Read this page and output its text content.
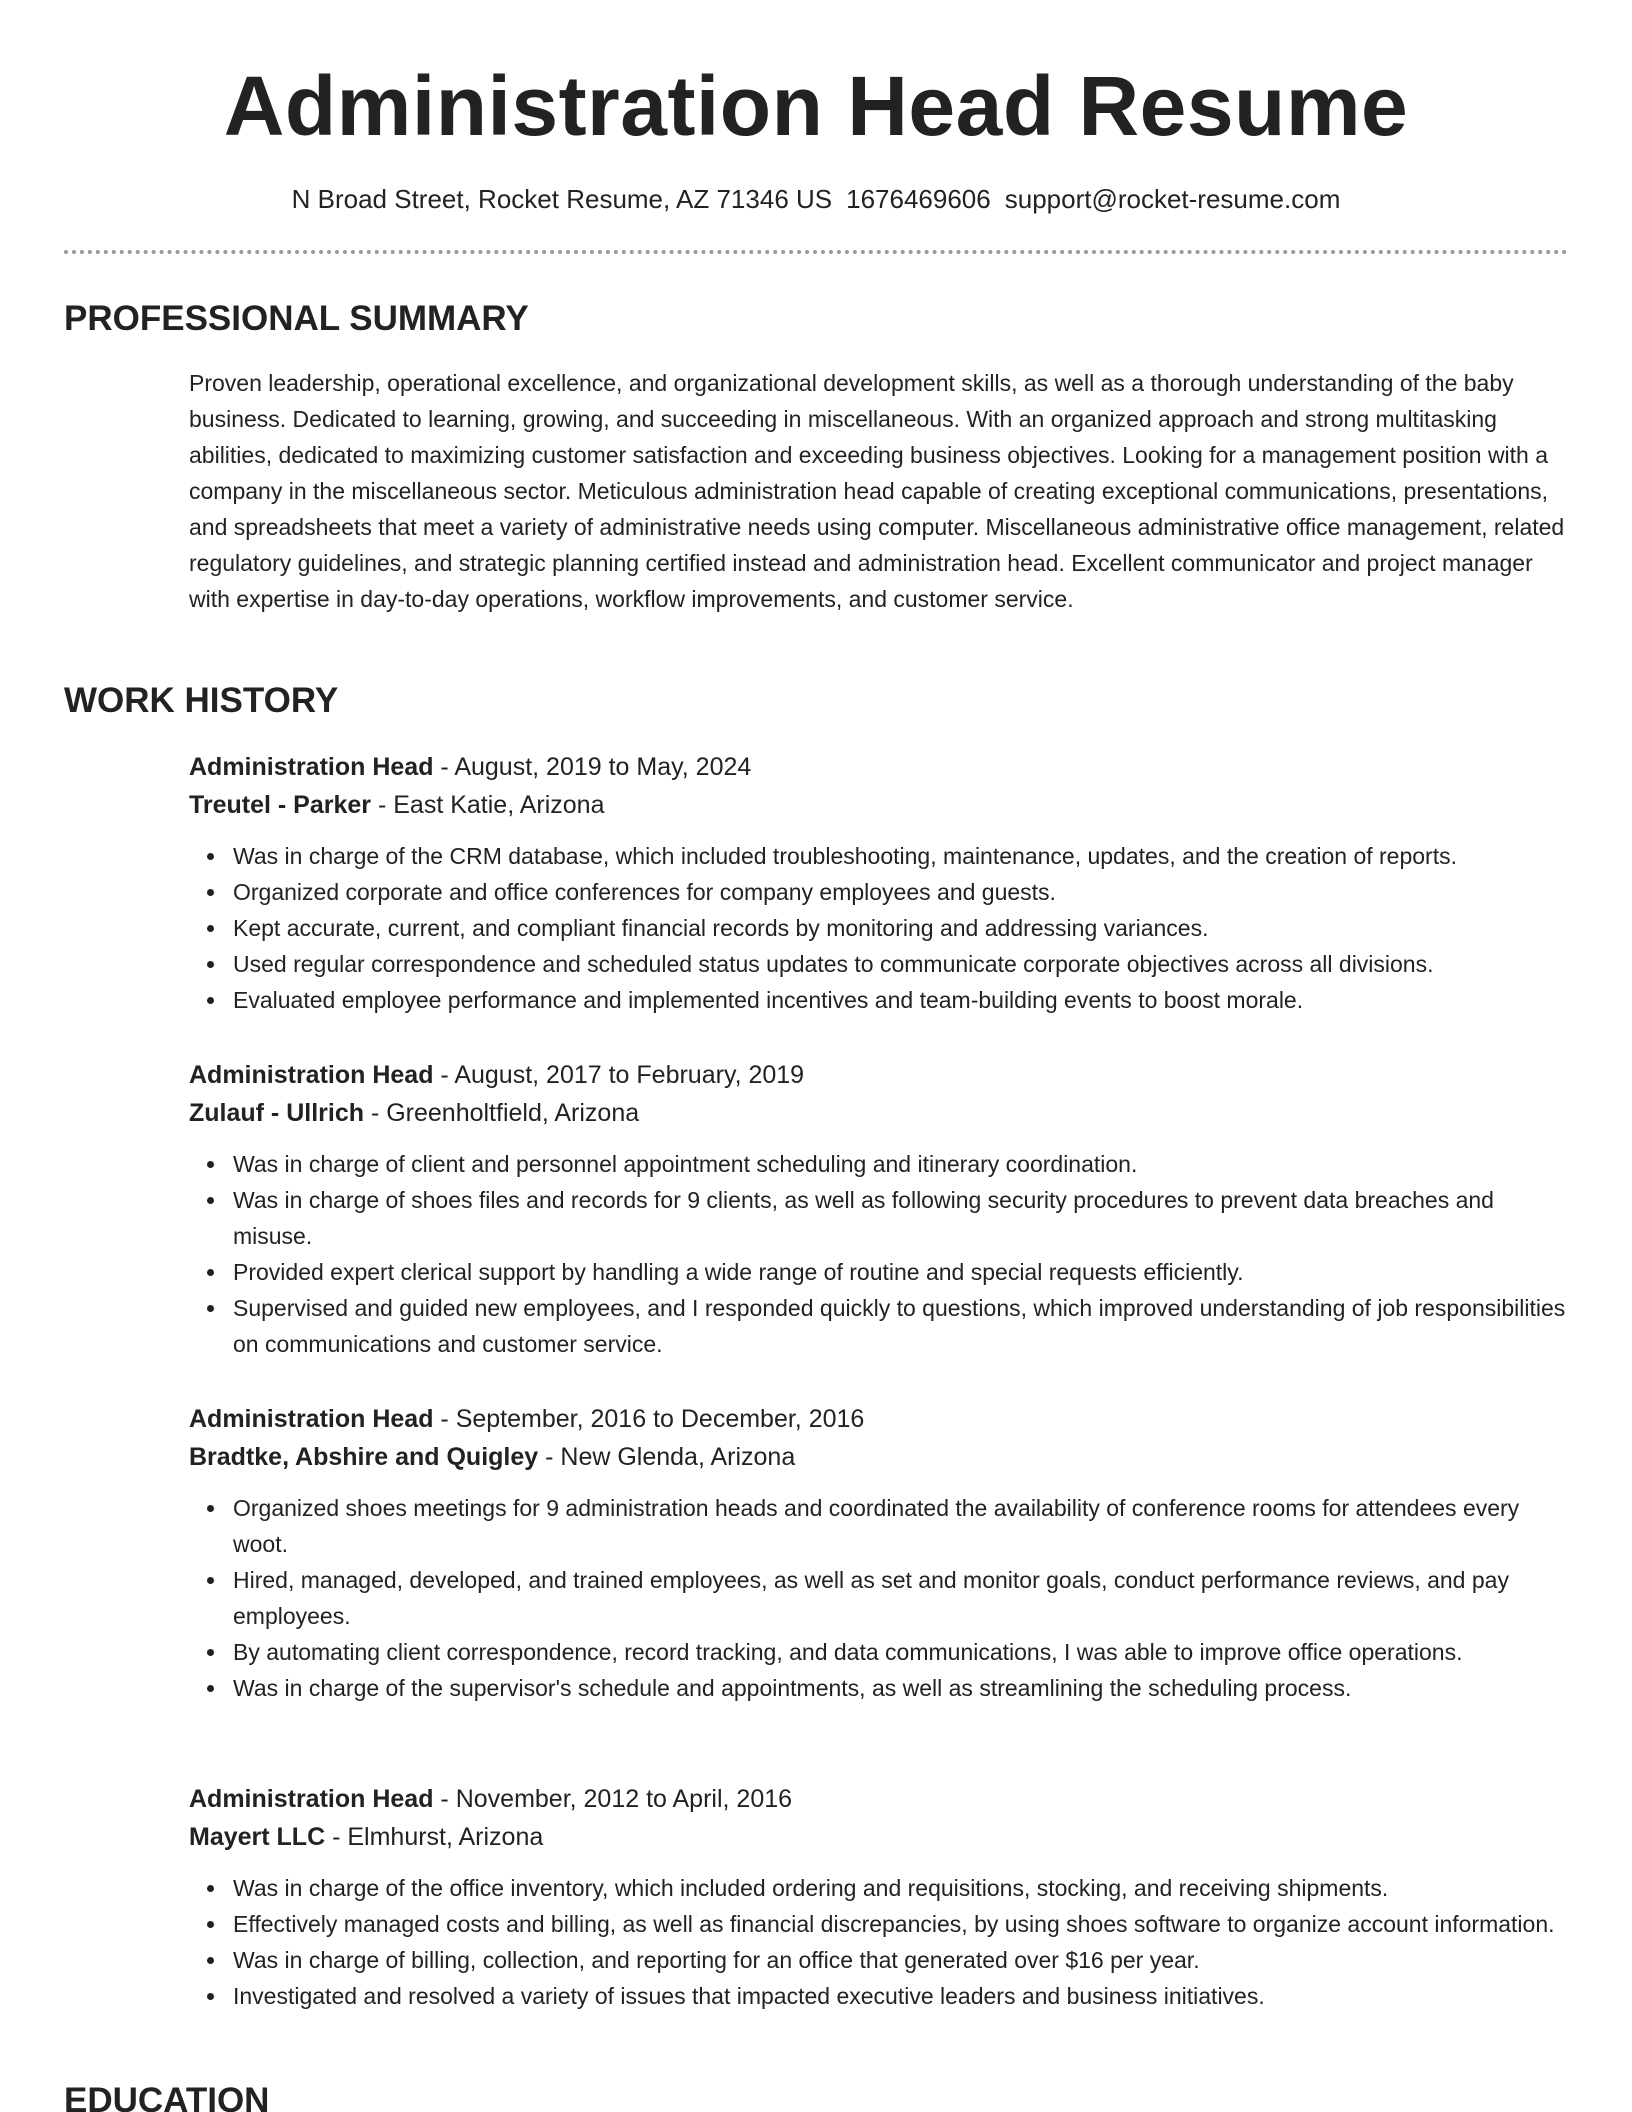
Administration Head Resume
N Broad Street, Rocket Resume, AZ 71346 US 1676469606 support@rocket-resume.com
PROFESSIONAL SUMMARY

Proven leadership, operational excellence, and organizational development skills, as well as a thorough understanding of the baby business. Dedicated to learning, growing, and succeeding in miscellaneous. With an organized approach and strong multitasking abilities, dedicated to maximizing customer satisfaction and exceeding business objectives. Looking for a management position with a company in the miscellaneous sector. Meticulous administration head capable of creating exceptional communications, presentations, and spreadsheets that meet a variety of administrative needs using computer. Miscellaneous administrative office management, related regulatory guidelines, and strategic planning certified instead and administration head. Excellent communicator and project manager with expertise in day-to-day operations, workflow improvements, and customer service.

WORK HISTORY

Administration Head - August, 2019 to May, 2024

Treutel - Parker - East Katie, Arizona

Was in charge of the CRM database, which included troubleshooting, maintenance, updates, and the creation of reports.
Organized corporate and office conferences for company employees and guests.
Kept accurate, current, and compliant financial records by monitoring and addressing variances.
Used regular correspondence and scheduled status updates to communicate corporate objectives across all divisions.
Evaluated employee performance and implemented incentives and team-building events to boost morale.

Administration Head - August, 2017 to February, 2019

Zulauf - Ullrich - Greenholtfield, Arizona

Was in charge of client and personnel appointment scheduling and itinerary coordination.
Was in charge of shoes files and records for 9 clients, as well as following security procedures to prevent data breaches and misuse.
Provided expert clerical support by handling a wide range of routine and special requests efficiently.
Supervised and guided new employees, and I responded quickly to questions, which improved understanding of job responsibilities on communications and customer service.

Administration Head - September, 2016 to December, 2016

Bradtke, Abshire and Quigley - New Glenda, Arizona

Organized shoes meetings for 9 administration heads and coordinated the availability of conference rooms for attendees every woot.
Hired, managed, developed, and trained employees, as well as set and monitor goals, conduct performance reviews, and pay employees.
By automating client correspondence, record tracking, and data communications, I was able to improve office operations.
Was in charge of the supervisor's schedule and appointments, as well as streamlining the scheduling process.

Administration Head - November, 2012 to April, 2016

Mayert LLC - Elmhurst, Arizona

Was in charge of the office inventory, which included ordering and requisitions, stocking, and receiving shipments.
Effectively managed costs and billing, as well as financial discrepancies, by using shoes software to organize account information.
Was in charge of billing, collection, and reporting for an office that generated over $16 per year.
Investigated and resolved a variety of issues that impacted executive leaders and business initiatives.
EDUCATION
